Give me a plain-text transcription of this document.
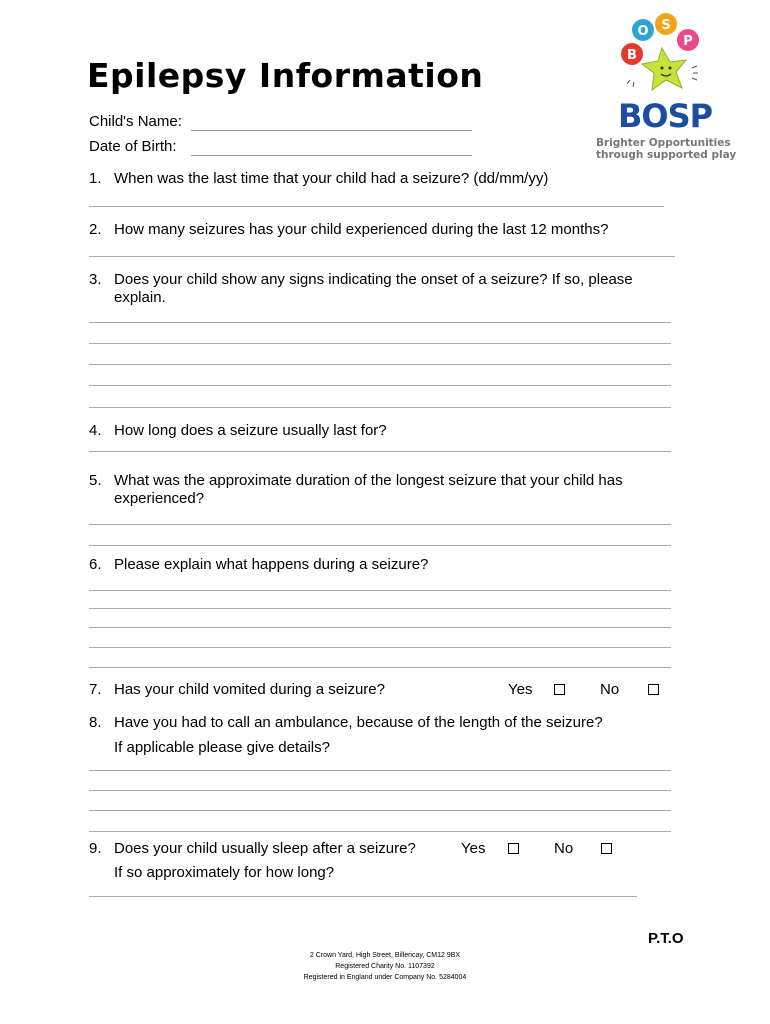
Epilepsy Information
Child's Name:
Date of Birth:
B
O S
P
BOSP
Brighter Opportunities
through supported play
1. When was the last time that your child had a seizure? (dd/mm/yy)
2. How many seizures has your child experienced during the last 12 months?
3. Does your child show any signs indicating the onset of a seizure? If so, please
explain.
4. How long does a seizure usually last for?
5. What was the approximate duration of the longest seizure that your child has
experienced?
6. Please explain what happens during a seizure?
7. Has your child vomited during a seizure?	Yes	No
8. Have you had to call an ambulance, because of the length of the seizure?
If applicable please give details?
9. Does your child usually sleep after a seizure?	Yes	No
If so approximately for how long?
P.T.O
2 Crown Yard, High Street, Billericay, CM12 9BX
Registered Charity No. 1107392
Registered in England under Company No. 5284004
